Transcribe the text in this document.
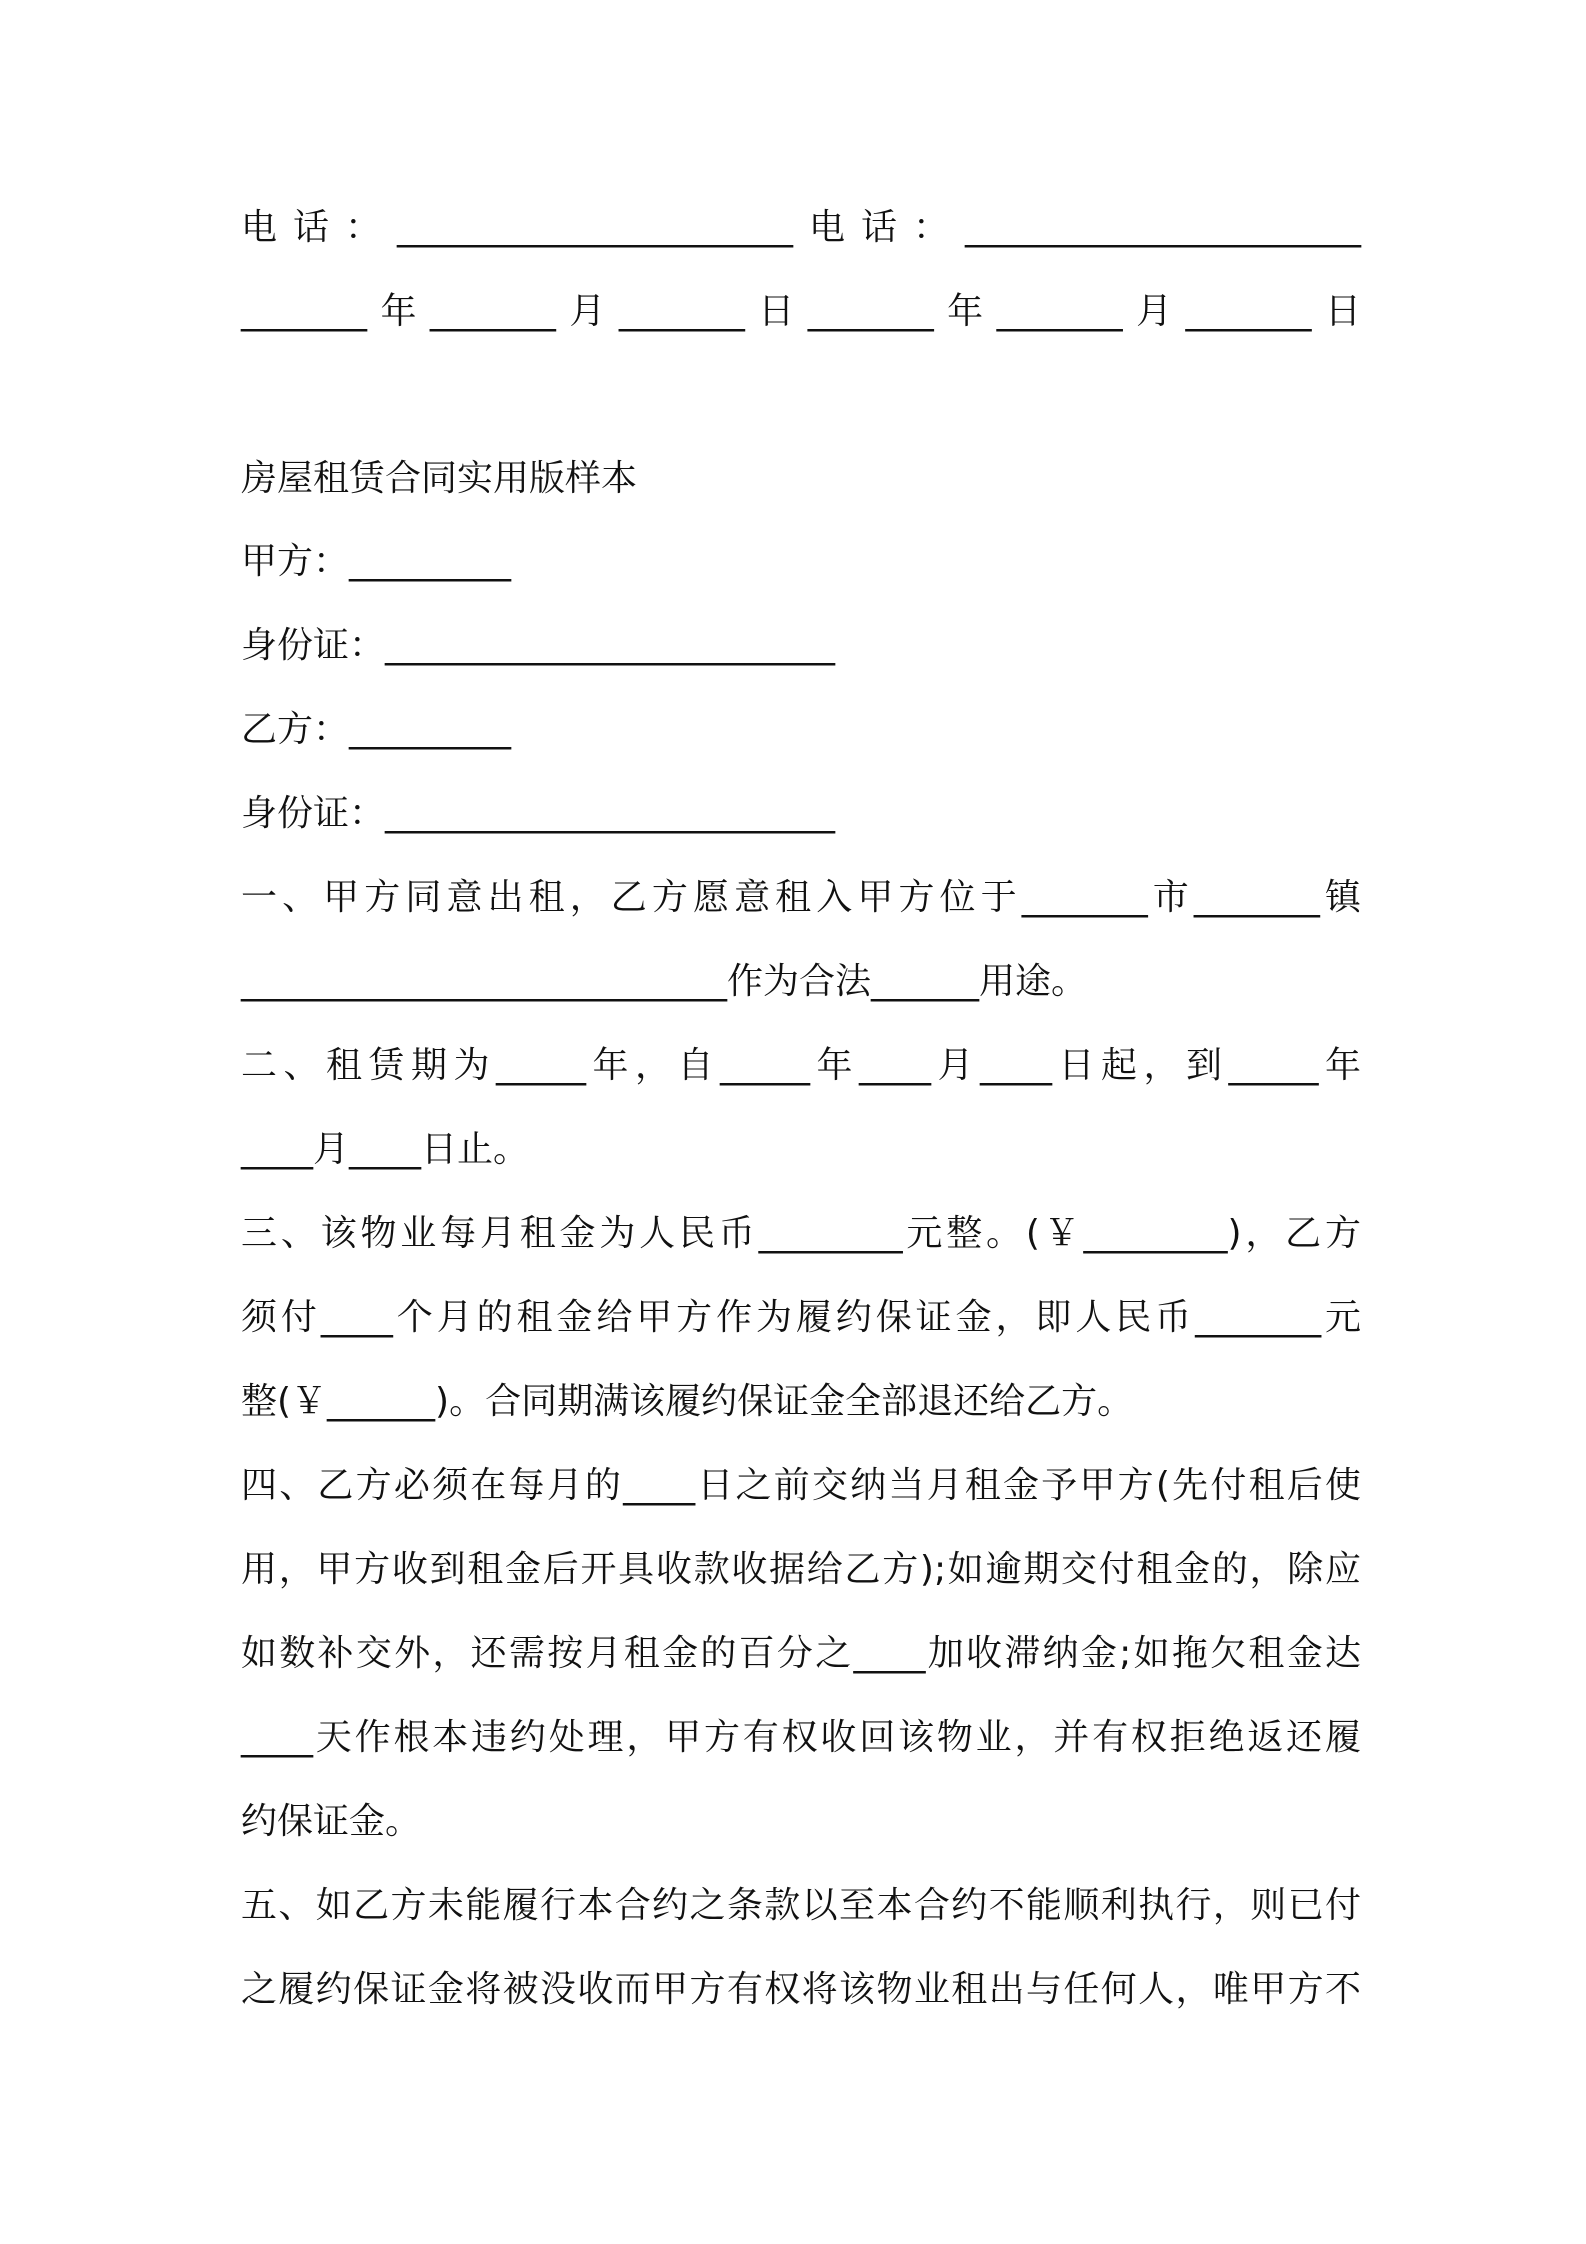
电话：______________________电话：______________________
_______年_______月_______日_______年_______月_______日
房屋租赁合同实用版样本
甲方：_________
身份证：_________________________
乙方：_________
身份证：_________________________
一、甲方同意出租，乙方愿意租入甲方位于_______市_______镇
___________________________作为合法______用途。
二、租赁期为_____年，自_____年____月____日起，到_____年
____月____日止。
三、该物业每月租金为人民币________元整。(￥________)，乙方
须付____个月的租金给甲方作为履约保证金，即人民币_______元
整(￥______)。合同期满该履约保证金全部退还给乙方。
四、乙方必须在每月的____日之前交纳当月租金予甲方(先付租后使
用，甲方收到租金后开具收款收据给乙方);如逾期交付租金的，除应
如数补交外，还需按月租金的百分之____加收滞纳金;如拖欠租金达
____天作根本违约处理，甲方有权收回该物业，并有权拒绝返还履
约保证金。
五、如乙方未能履行本合约之条款以至本合约不能顺利执行，则已付
之履约保证金将被没收而甲方有权将该物业租出与任何人，唯甲方不
